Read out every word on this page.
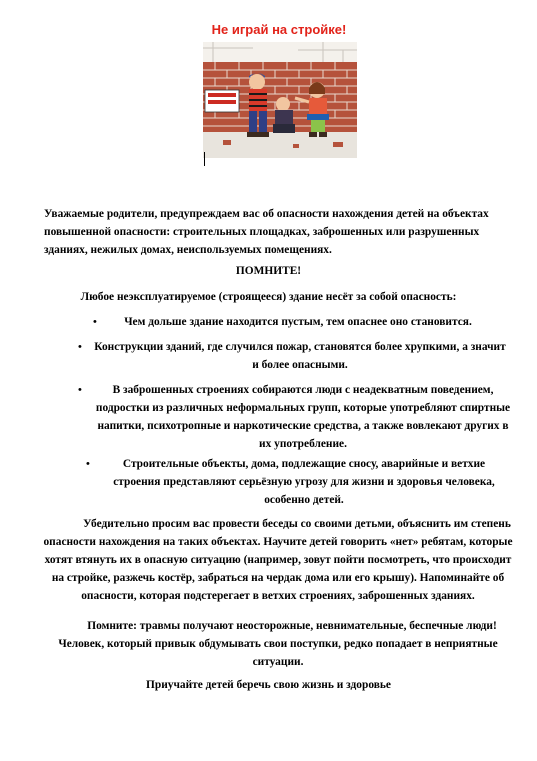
Не играй на стройке!
Уважаемые родители, предупреждаем вас об опасности нахождения детей на объектах повышенной опасности: строительных площадках, заброшенных или разрушенных зданиях, нежилых домах, неиспользуемых помещениях.
ПОМНИТЕ!
Любое неэксплуатируемое (строящееся) здание несёт за собой опасность:
•	Чем дольше здание находится пустым, тем опаснее оно становится.
• Конструкции зданий, где случился пожар, становятся более хрупкими, а значит и более опасными.
•	В заброшенных строениях собираются люди с неадекватным поведением, подростки из различных неформальных групп, которые употребляют спиртные напитки, психотропные и наркотические средства, а также вовлекают других в их употребление.
•	Строительные объекты, дома, подлежащие сносу, аварийные и ветхие строения представляют серьёзную угрозу для жизни и здоровья человека, особенно детей.
Убедительно просим вас провести беседы со своими детьми, объяснить им степень опасности нахождения на таких объектах. Научите детей говорить «нет» ребятам, которые хотят втянуть их в опасную ситуацию (например, зовут пойти посмотреть, что происходит на стройке, разжечь костёр, забраться на чердак дома или его крышу). Напоминайте об опасности, которая подстерегает в ветхих строениях, заброшенных зданиях.
Помните: травмы получают неосторожные, невнимательные, беспечные люди! Человек, который привык обдумывать свои поступки, редко попадает в неприятные ситуации.
Приучайте детей беречь свою жизнь и здоровье
